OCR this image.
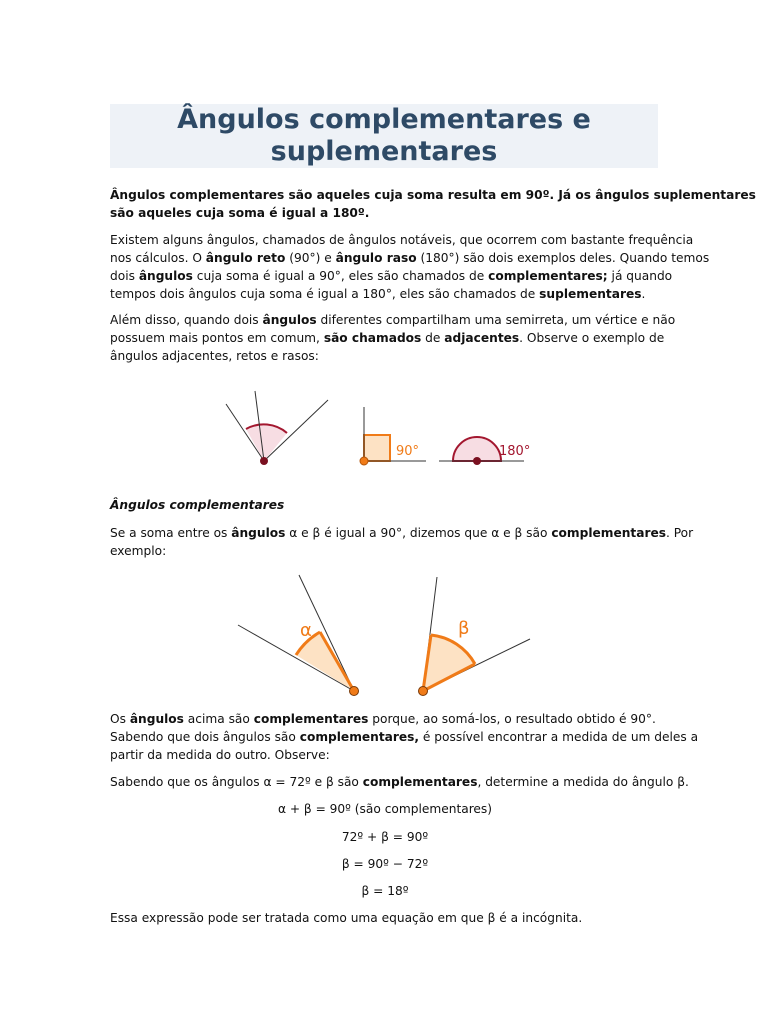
Ângulos complementares e
suplementares
Ângulos complementares são aqueles cuja soma resulta em 90º. Já os ângulos suplementares
são aqueles cuja soma é igual a 180º.
Existem alguns ângulos, chamados de ângulos notáveis, que ocorrem com bastante frequência
nos cálculos. O ângulo reto (90°) e ângulo raso (180°) são dois exemplos deles. Quando temos
dois ângulos cuja soma é igual a 90°, eles são chamados de complementares; já quando
tempos dois ângulos cuja soma é igual a 180°, eles são chamados de suplementares.
Além disso, quando dois ângulos diferentes compartilham uma semirreta, um vértice e não
possuem mais pontos em comum, são chamados de adjacentes. Observe o exemplo de
ângulos adjacentes, retos e rasos:
90°	180°
Ângulos complementares
Se a soma entre os ângulos α e β é igual a 90°, dizemos que α e β são complementares. Por
exemplo:
α	β
Os ângulos acima são complementares porque, ao somá-los, o resultado obtido é 90°.
Sabendo que dois ângulos são complementares, é possível encontrar a medida de um deles a
partir da medida do outro. Observe:
Sabendo que os ângulos α = 72º e β são complementares, determine a medida do ângulo β.
α + β = 90º (são complementares)
72º + β = 90º
β = 90º − 72º
β = 18º
Essa expressão pode ser tratada como uma equação em que β é a incógnita.
